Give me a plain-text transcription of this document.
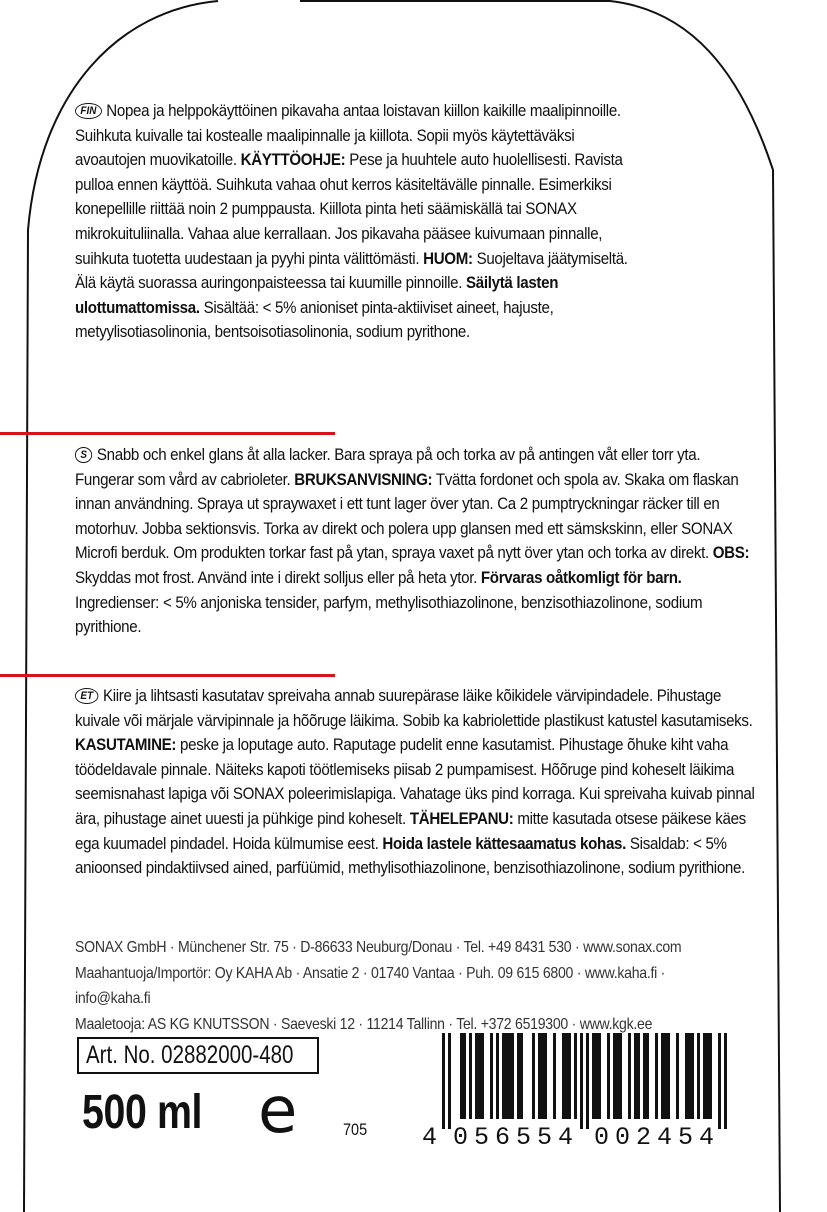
FIN Nopea ja helppokäyttöinen pikavaha antaa loistavan kiillon kaikille maalipinnoille. Suihkuta kuivalle tai kostealle maalipinnalle ja kiillota. Sopii myös käytettäväksi avoautojen muovikatoille. KÄYTTÖOHJE: Pese ja huuhtele auto huolellisesti. Ravista pulloa ennen käyttöä. Suihkuta vahaa ohut kerros käsiteltävälle pinnalle. Esimerkiksi konepellille riittää noin 2 pumppausta. Kiillota pinta heti säämiskällä tai SONAX mikrokuituliinalla. Vahaa alue kerrallaan. Jos pikavaha pääsee kuivumaan pinnalle, suihkuta tuotetta uudestaan ja pyyhi pinta välittömästi. HUOM: Suojeltava jäätymiseltä. Älä käytä suorassa auringonpaisteessa tai kuumille pinnoille. Säilytä lasten ulottumattomissa. Sisältää: < 5% anioniset pinta-aktiiviset aineet, hajuste, metyylisotiasolinonia, bentsoisotiasolinonia, sodium pyrithone.
S Snabb och enkel glans åt alla lacker. Bara spraya på och torka av på antingen våt eller torr yta. Fungerar som vård av cabrioleter. BRUKSANVISNING: Tvätta fordonet och spola av. Skaka om flaskan innan användning. Spraya ut spraywaxet i ett tunt lager över ytan. Ca 2 pumptryckningar räcker till en motorhuv. Jobba sektionsvis. Torka av direkt och polera upp glansen med ett sämskskinn, eller SONAX Microfi berduk. Om produkten torkar fast på ytan, spraya vaxet på nytt över ytan och torka av direkt. OBS: Skyddas mot frost. Använd inte i direkt solljus eller på heta ytor. Förvaras oåtkomligt för barn. Ingredienser: < 5% anjoniska tensider, parfym, methylisothiazolinone, benzisothiazolinone, sodium pyrithione.
ET Kiire ja lihtsasti kasutatav spreivaha annab suurepärase läike kõikidele värvipindadele. Pihustage kuivale või märjale värvipinnale ja hõõruge läikima. Sobib ka kabriolettide plastikust katustel kasutamiseks. KASUTAMINE: peske ja loputage auto. Raputage pudelit enne kasutamist. Pihustage õhuke kiht vaha töödeldavale pinnale. Näiteks kapoti töötlemiseks piisab 2 pumpamisest. Hõõruge pind koheselt läikima seemisnahast lapiga või SONAX poleerimislapiga. Vahatage üks pind korraga. Kui spreivaha kuivab pinnal ära, pihustage ainet uuesti ja pühkige pind koheselt. TÄHELEPANU: mitte kasutada otsese päikese käes ega kuumadel pindadel. Hoida külmumise eest. Hoida lastele kättesaamatus kohas. Sisaldab: < 5% anioonsed pindaktiivsed ained, parfüümid, methylisothiazolinone, benzisothiazolinone, sodium pyrithione.
SONAX GmbH · Münchener Str. 75 · D-86633 Neuburg/Donau · Tel. +49 8431 530 · www.sonax.com
Maahantuoja/Importör: Oy KAHA Ab · Ansatie 2 · 01740 Vantaa · Puh. 09 615 6800 · www.kaha.fi · info@kaha.fi
Maaletooja: AS KG KNUTSSON · Saeveski 12 · 11214 Tallinn · Tel. +372 6519300 · www.kgk.ee
Art. No. 02882000-480
500 ml e	705 4 0 5 6 5 5 4 0 0 2 4 5 4
